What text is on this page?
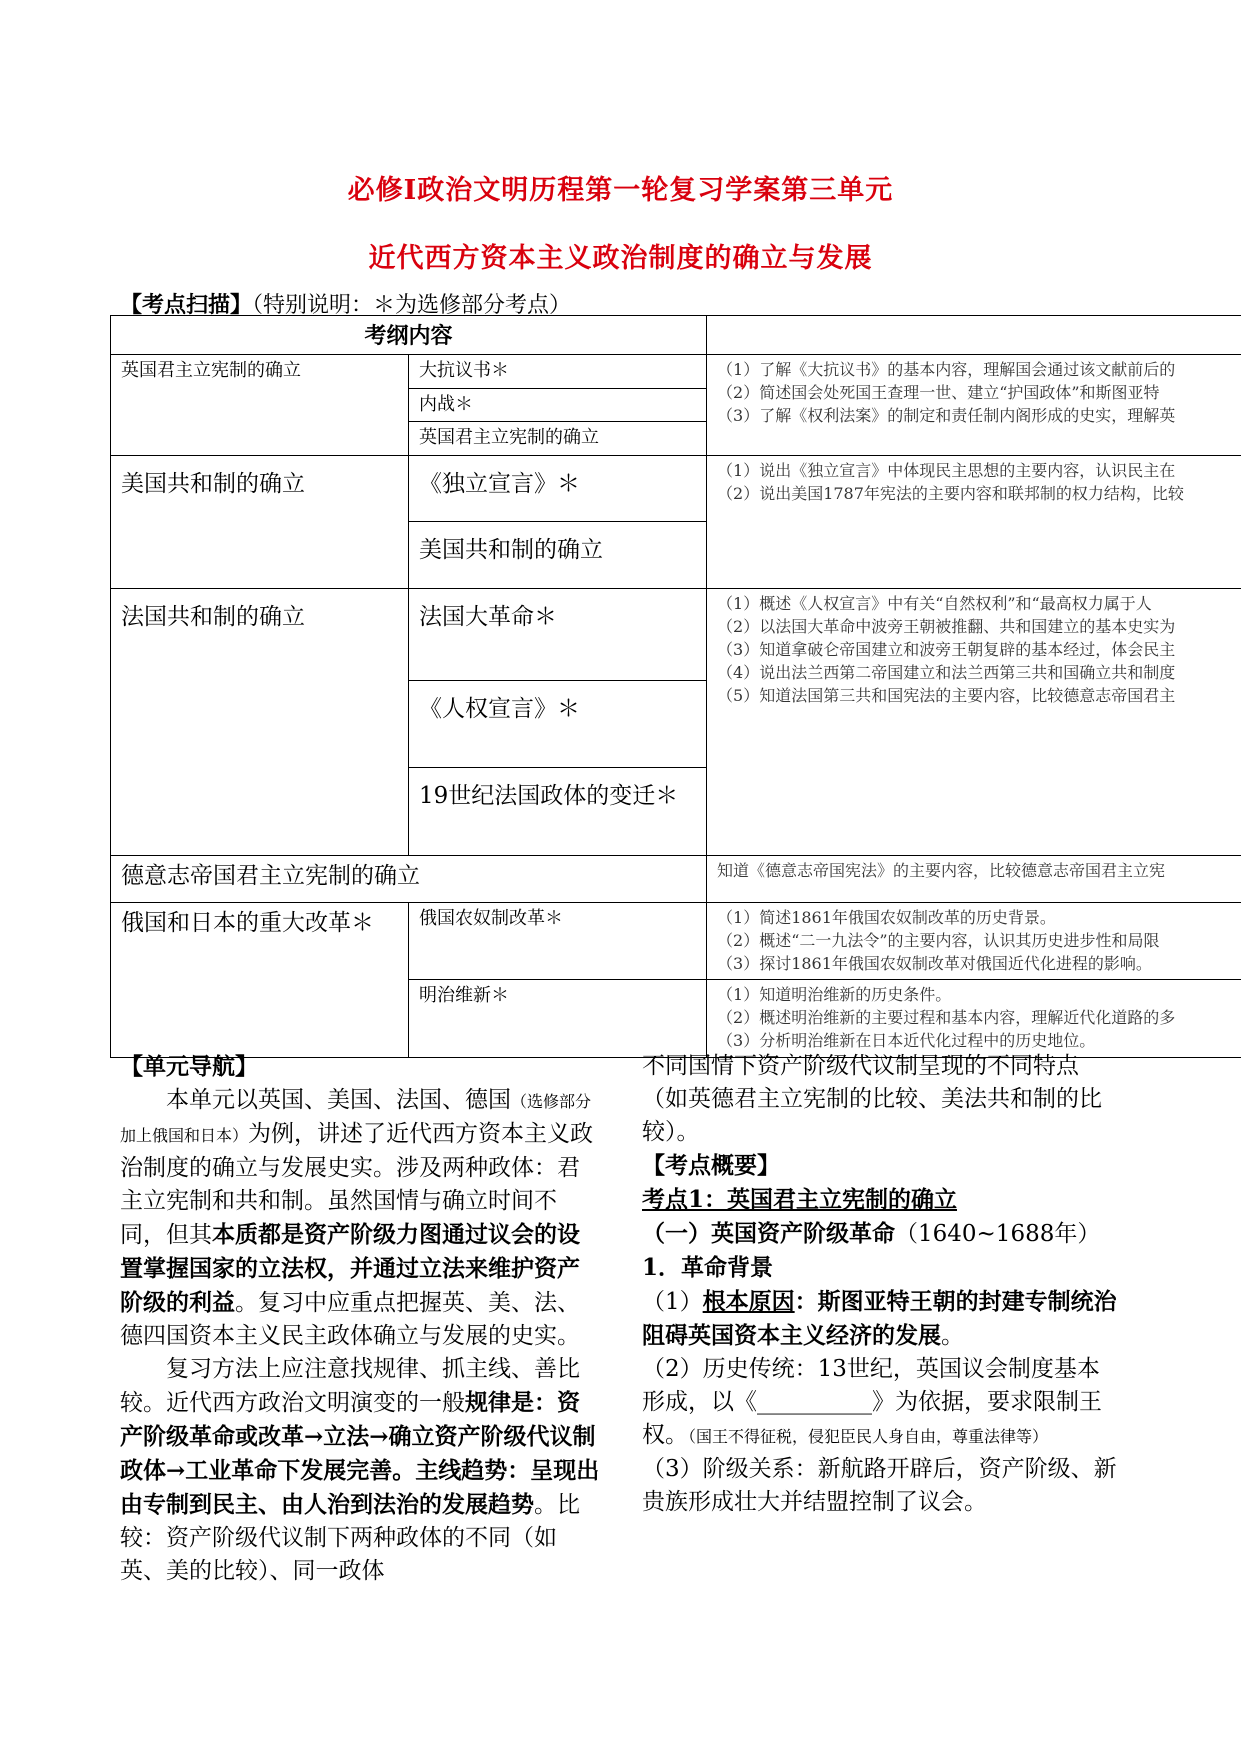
必修Ⅰ政治文明历程第一轮复习学案第三单元
近代西方资本主义政治制度的确立与发展
【考点扫描】（特别说明：＊为选修部分考点）
考纲内容		
英国君主立宪制的确立	大抗议书＊	（1）了解《大抗议书》的基本内容，理解国会通过该文献前后的
（2）简述国会处死国王查理一世、建立“护国政体”和斯图亚特
（3）了解《权利法案》的制定和责任制内阁形成的史实，理解英

	内战＊	
	英国君主立宪制的确立	
美国共和制的确立	《独立宣言》＊	（1）说出《独立宣言》中体现民主思想的主要内容，认识民主在
（2）说出美国1787年宪法的主要内容和联邦制的权力结构，比较

	美国共和制的确立	
法国共和制的确立	法国大革命＊	（1）概述《人权宣言》中有关“自然权利”和“最高权力属于人
（2）以法国大革命中波旁王朝被推翻、共和国建立的基本史实为
（3）知道拿破仑帝国建立和波旁王朝复辟的基本经过，体会民主
（4）说出法兰西第二帝国建立和法兰西第三共和国确立共和制度
（5）知道法国第三共和国宪法的主要内容，比较德意志帝国君主

	《人权宣言》＊	
	19世纪法国政体的变迁＊	
德意志帝国君主立宪制的确立		知道《德意志帝国宪法》的主要内容，比较德意志帝国君主立宪
俄国和日本的重大改革＊	俄国农奴制改革＊	（1）简述1861年俄国农奴制改革的历史背景。
（2）概述“二一九法令”的主要内容，认识其历史进步性和局限
（3）探讨1861年俄国农奴制改革对俄国近代化进程的影响。

	明治维新＊	（1）知道明治维新的历史条件。
（2）概述明治维新的主要过程和基本内容，理解近代化道路的多
（3）分析明治维新在日本近代化过程中的历史地位。

【单元导航】

本单元以英国、美国、法国、德国（选修部分加上俄国和日本）为例，讲述了近代西方资本主义政治制度的确立与发展史实。涉及两种政体：君主立宪制和共和制。虽然国情与确立时间不同，但其本质都是资产阶级力图通过议会的设置掌握国家的立法权，并通过立法来维护资产阶级的利益。复习中应重点把握英、美、法、德四国资本主义民主政体确立与发展的史实。

复习方法上应注意找规律、抓主线、善比较。近代西方政治文明演变的一般规律是：资产阶级革命或改革→立法→确立资产阶级代议制政体→工业革命下发展完善。主线趋势：呈现出由专制到民主、由人治到法治的发展趋势。比较：资产阶级代议制下两种政体的不同（如英、美的比较）、同一政体

不同国情下资产阶级代议制呈现的不同特点（如英德君主立宪制的比较、美法共和制的比较）。

【考点概要】

考点1：英国君主立宪制的确立

（一）英国资产阶级革命（1640~1688年）

1．革命背景

（1）根本原因：斯图亚特王朝的封建专制统治阻碍英国资本主义经济的发展。

（2）历史传统：13世纪，英国议会制度基本形成，以《__________》为依据，要求限制王权。（国王不得征税，侵犯臣民人身自由，尊重法律等）

（3）阶级关系：新航路开辟后，资产阶级、新贵族形成壮大并结盟控制了议会。
